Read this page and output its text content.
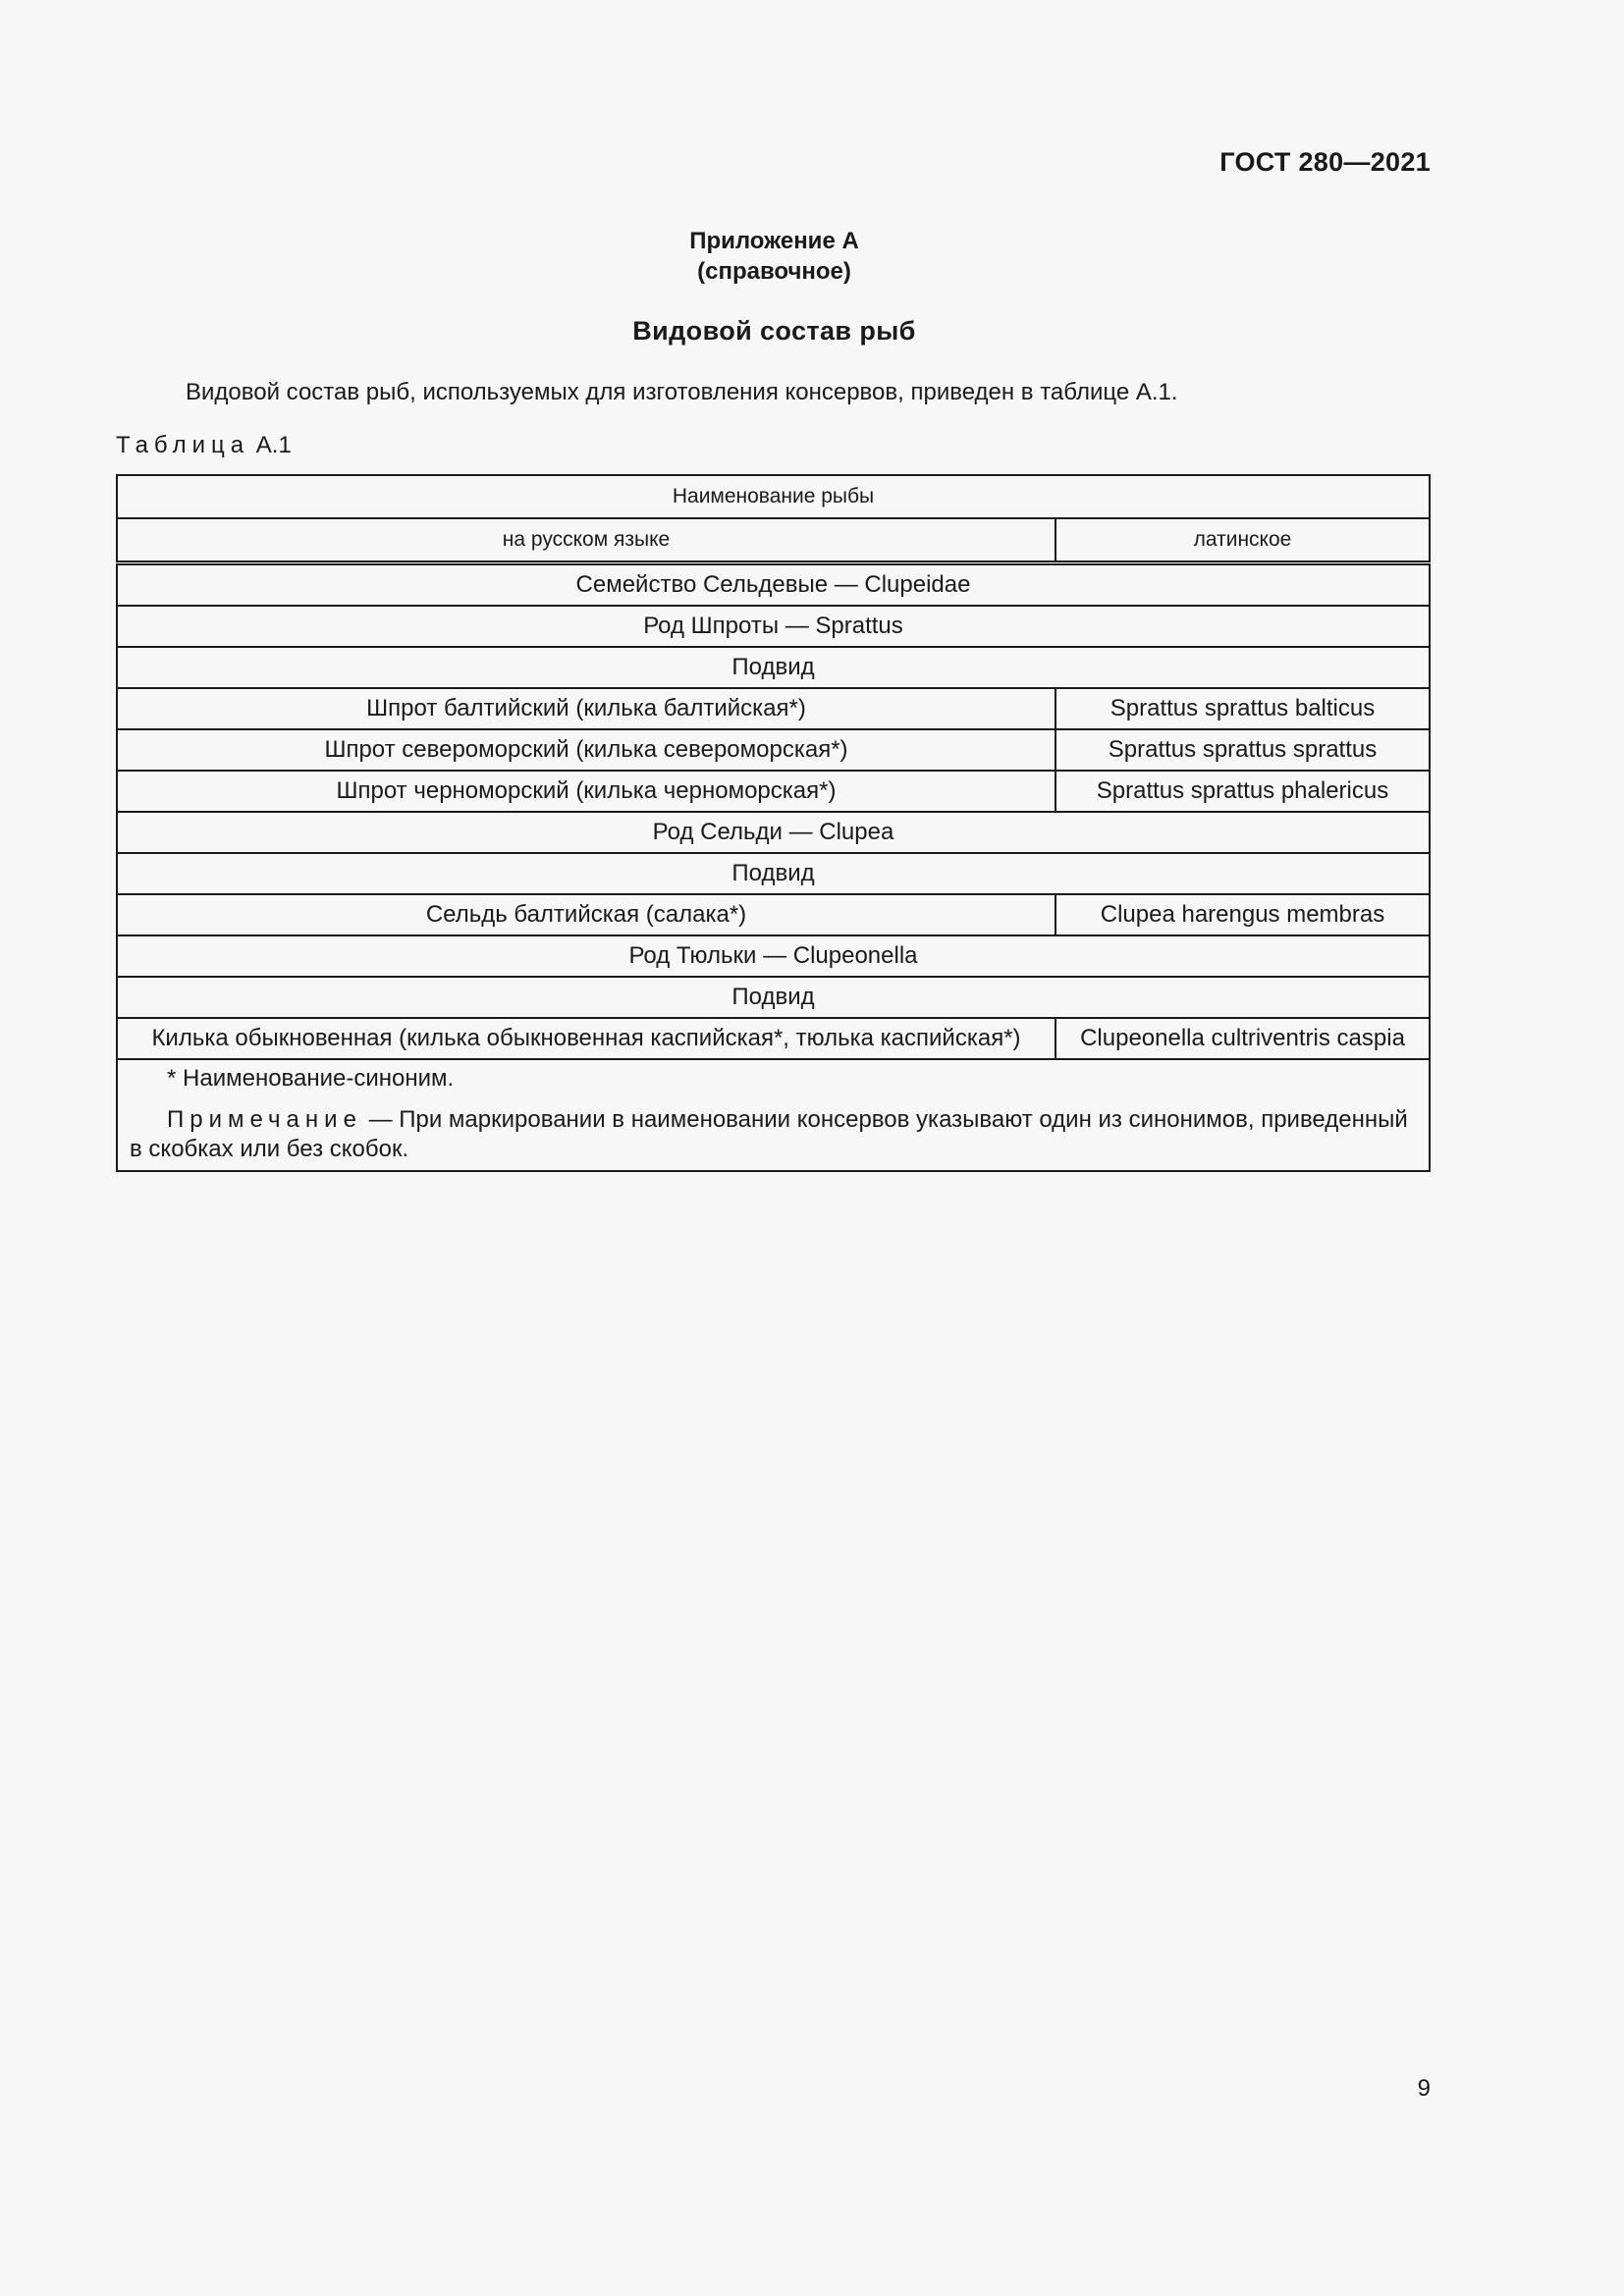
ГОСТ 280—2021
Приложение А
(справочное)
Видовой состав рыб
Видовой состав рыб, используемых для изготовления консервов, приведен в таблице А.1.
Таблица А.1
Наименование рыбы	
на русском языке	латинское
Семейство Сельдевые — Clupeidae	
Род Шпроты — Sprattus	
Подвид	
Шпрот балтийский (килька балтийская*)	Sprattus sprattus balticus
Шпрот североморский (килька североморская*)	Sprattus sprattus sprattus
Шпрот черноморский (килька черноморская*)	Sprattus sprattus phalericus
Род Сельди — Clupea	
Подвид	
Сельдь балтийская (салака*)	Clupea harengus membras
Род Тюльки — Clupeonella	
Подвид	
Килька обыкновенная (килька обыкновенная каспийская*, тюлька каспийская*)	Clupeonella cultriventris caspia

* Наименование-синоним.
Примечание — При маркировании в наименовании консервов указывают один из синонимов, приведенный в скобках или без скобок.	
9
